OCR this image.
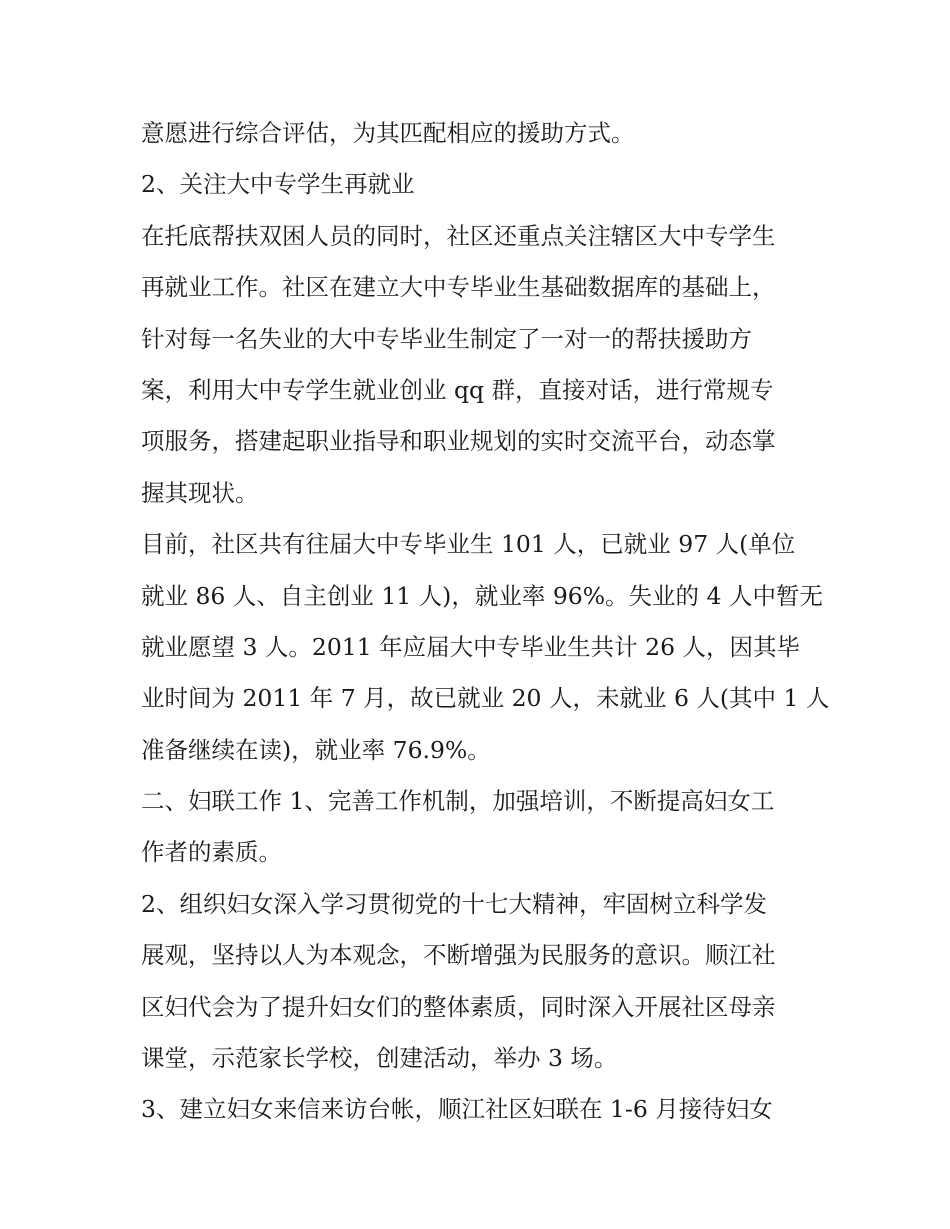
意愿进行综合评估，为其匹配相应的援助方式。
2、关注大中专学生再就业
在托底帮扶双困人员的同时，社区还重点关注辖区大中专学生
再就业工作。社区在建立大中专毕业生基础数据库的基础上，
针对每一名失业的大中专毕业生制定了一对一的帮扶援助方
案，利用大中专学生就业创业 qq 群，直接对话，进行常规专
项服务，搭建起职业指导和职业规划的实时交流平台，动态掌
握其现状。
目前，社区共有往届大中专毕业生 101 人，已就业 97 人(单位
就业 86 人、自主创业 11 人)，就业率 96%。失业的 4 人中暂无
就业愿望 3 人。2011 年应届大中专毕业生共计 26 人，因其毕
业时间为 2011 年 7 月，故已就业 20 人，未就业 6 人(其中 1 人
准备继续在读)，就业率 76.9%。
二、妇联工作 1、完善工作机制，加强培训，不断提高妇女工
作者的素质。
2、组织妇女深入学习贯彻党的十七大精神，牢固树立科学发
展观，坚持以人为本观念，不断增强为民服务的意识。顺江社
区妇代会为了提升妇女们的整体素质，同时深入开展社区母亲
课堂，示范家长学校，创建活动，举办 3 场。
3、建立妇女来信来访台帐，顺江社区妇联在 1-6 月接待妇女
